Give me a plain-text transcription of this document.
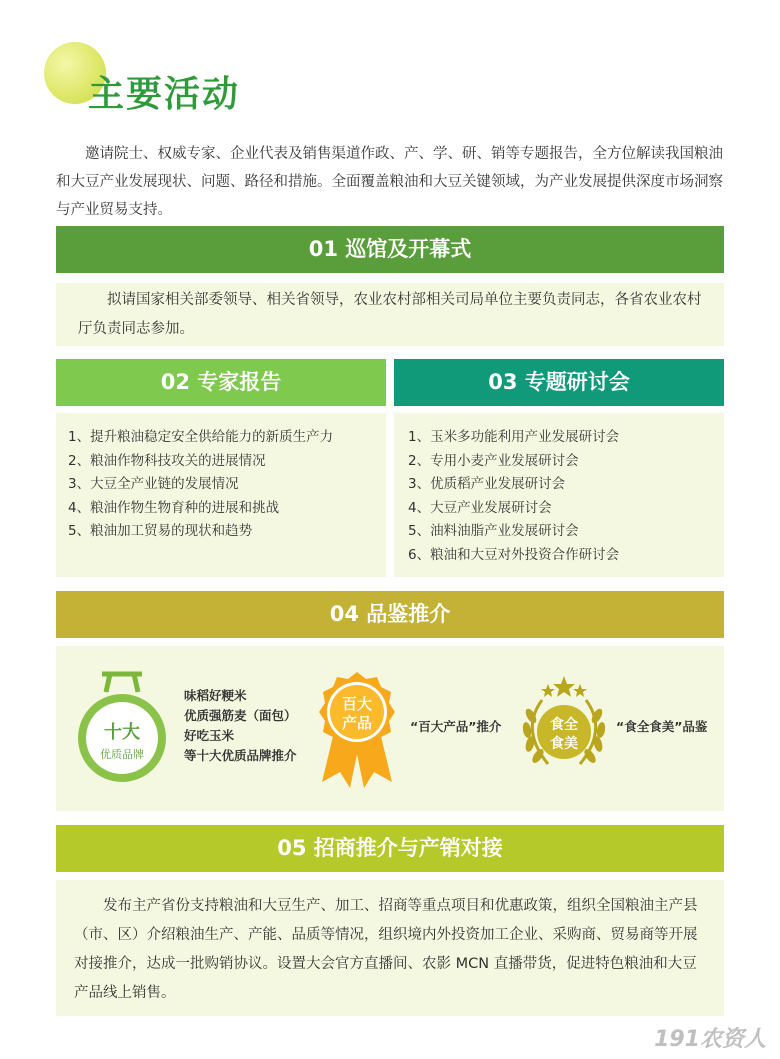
主要活动

邀请院士、权威专家、企业代表及销售渠道作政、产、学、研、销等专题报告，全方位解读我国粮油和大豆产业发展现状、问题、路径和措施。全面覆盖粮油和大豆关键领域，为产业发展提供深度市场洞察与产业贸易支持。

01 巡馆及开幕式

拟请国家相关部委领导、相关省领导，农业农村部相关司局单位主要负责同志，各省农业农村厅负责同志参加。

02 专家报告
1、提升粮油稳定安全供给能力的新质生产力
2、粮油作物科技攻关的进展情况
3、大豆全产业链的发展情况
4、粮油作物生物育种的进展和挑战
5、粮油加工贸易的现状和趋势
03 专题研讨会
1、玉米多功能利用产业发展研讨会
2、专用小麦产业发展研讨会
3、优质稻产业发展研讨会
4、大豆产业发展研讨会
5、油料油脂产业发展研讨会
6、粮油和大豆对外投资合作研讨会
04 品鉴推介
十大
优质品牌
味稻好粳米
优质强筋麦（面包）
好吃玉米
等十大优质品牌推介
百大
产品	“百大产品”推介	食全
食美
“食全食美”品鉴
05 招商推介与产销对接

发布主产省份支持粮油和大豆生产、加工、招商等重点项目和优惠政策，组织全国粮油主产县（市、区）介绍粮油生产、产能、品质等情况，组织境内外投资加工企业、采购商、贸易商等开展对接推介，达成一批购销协议。设置大会官方直播间、农影 MCN 直播带货，促进特色粮油和大豆产品线上销售。

191农资人
